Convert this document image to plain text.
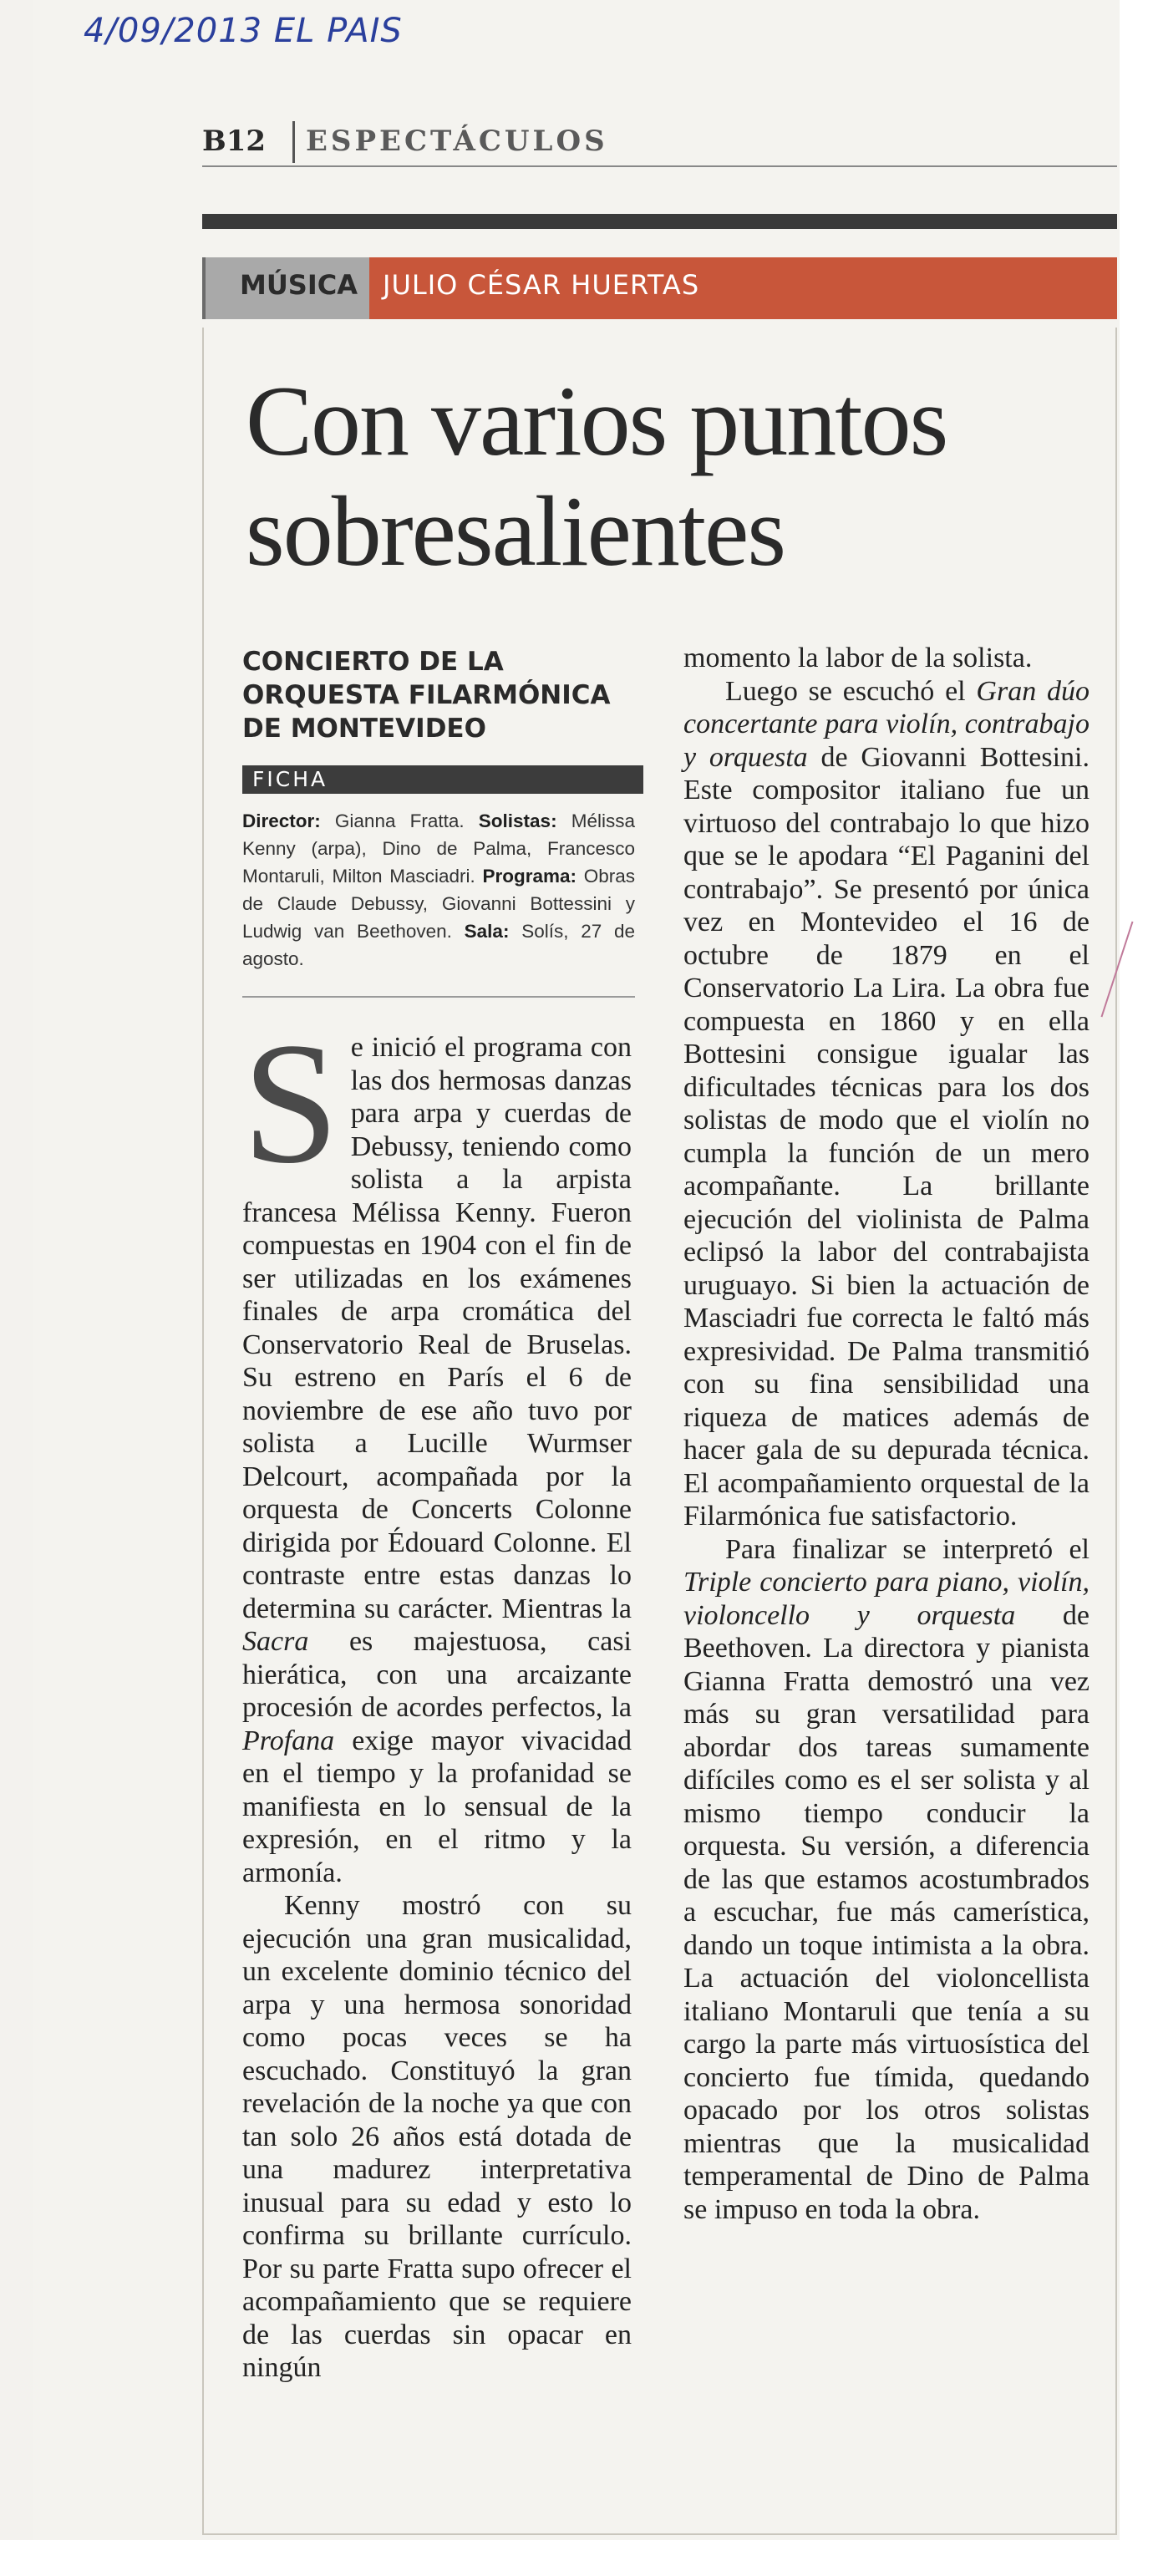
4/09/2013 EL PAIS
B12 ESPECTÁCULOS
MÚSICA JULIO CÉSAR HUERTAS
Con varios puntos sobresalientes
CONCIERTO DE LA ORQUESTA FILARMÓNICA DE MONTEVIDEO
FICHA
Director: Gianna Fratta. Solistas: Mélissa Kenny (arpa), Dino de Palma, Francesco Montaruli, Milton Masciadri. Programa: Obras de Claude Debussy, Giovanni Bottessini y Ludwig van Beethoven. Sala: Solís, 27 de agosto.

Se inició el programa con las dos hermosas danzas para arpa y cuerdas de Debussy, teniendo como solista a la arpista francesa Mélissa Kenny. Fueron compuestas en 1904 con el fin de ser utilizadas en los exámenes finales de arpa cromática del Conservatorio Real de Bruselas. Su estreno en París el 6 de noviembre de ese año tuvo por solista a Lucille Wurmser Delcourt, acompañada por la orquesta de Concerts Colonne dirigida por Édouard Colonne. El contraste entre estas danzas lo determina su carácter. Mientras la Sacra es majestuosa, casi hierática, con una arcaizante procesión de acordes perfectos, la Profana exige mayor vivacidad en el tiempo y la profanidad se manifiesta en lo sensual de la expresión, en el ritmo y la armonía.

Kenny mostró con su ejecución una gran musicalidad, un excelente dominio técnico del arpa y una hermosa sonoridad como pocas veces se ha escuchado. Constituyó la gran revelación de la noche ya que con tan solo 26 años está dotada de una madurez interpretativa inusual para su edad y esto lo confirma su brillante currículo. Por su parte Fratta supo ofrecer el acompañamiento que se requiere de las cuerdas sin opacar en ningún

momento la labor de la solista.

Luego se escuchó el Gran dúo concertante para violín, contrabajo y orquesta de Giovanni Bottesini. Este compositor italiano fue un virtuoso del contrabajo lo que hizo que se le apodara “El Paganini del contrabajo”. Se presentó por única vez en Montevideo el 16 de octubre de 1879 en el Conservatorio La Lira. La obra fue compuesta en 1860 y en ella Bottesini consigue igualar las dificultades técnicas para los dos solistas de modo que el violín no cumpla la función de un mero acompañante. La brillante ejecución del violinista de Palma eclipsó la labor del contrabajista uruguayo. Si bien la actuación de Masciadri fue correcta le faltó más expresividad. De Palma transmitió con su fina sensibilidad una riqueza de matices además de hacer gala de su depurada técnica. El acompañamiento orquestal de la Filarmónica fue satisfactorio.

Para finalizar se interpretó el Triple concierto para piano, violín, violoncello y orquesta de Beethoven. La directora y pianista Gianna Fratta demostró una vez más su gran versatilidad para abordar dos tareas sumamente difíciles como es el ser solista y al mismo tiempo conducir la orquesta. Su versión, a diferencia de las que estamos acostumbrados a escuchar, fue más camerística, dando un toque intimista a la obra. La actuación del violoncellista italiano Montaruli que tenía a su cargo la parte más virtuosística del concierto fue tímida, quedando opacado por los otros solistas mientras que la musicalidad temperamental de Dino de Palma se impuso en toda la obra.
